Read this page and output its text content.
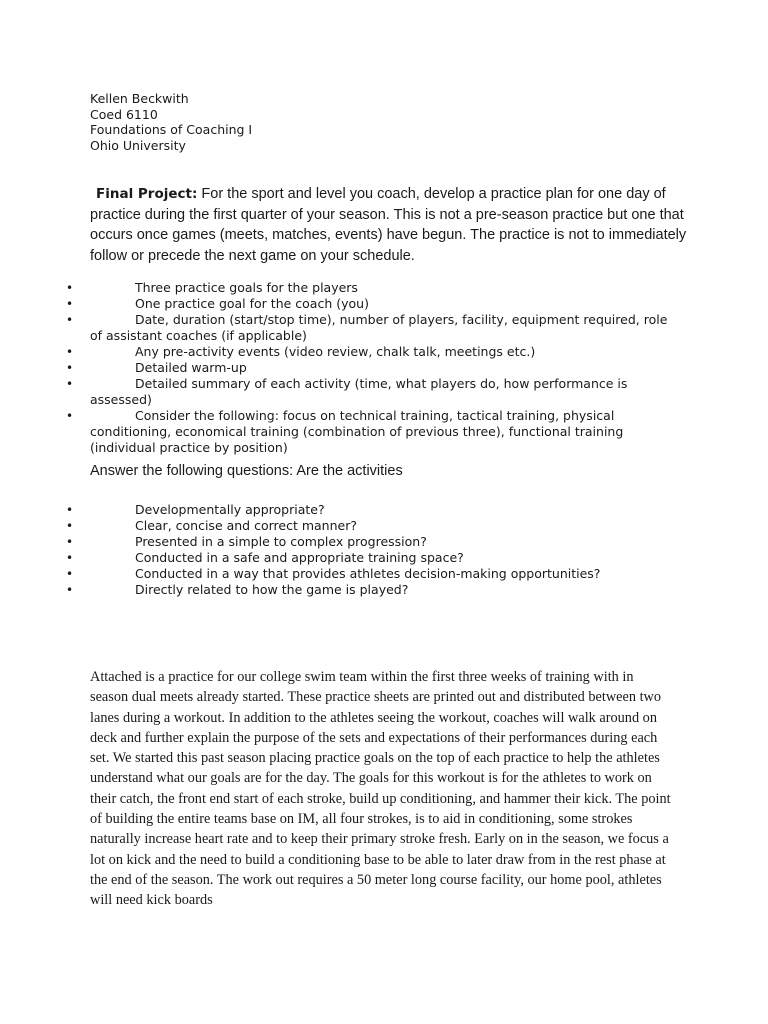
Kellen Beckwith
Coed 6110
Foundations of Coaching I
Ohio University
Final Project: For the sport and level you coach, develop a practice plan for one day of practice during the first quarter of your season. This is not a pre-season practice but one that occurs once games (meets, matches, events) have begun. The practice is not to immediately follow or precede the next game on your schedule.
•	Three practice goals for the players
•	One practice goal for the coach (you)
•	Date, duration (start/stop time), number of players, facility, equipment required, role of assistant coaches (if applicable)
•	Any pre-activity events (video review, chalk talk, meetings etc.)
•	Detailed warm-up
•	Detailed summary of each activity (time, what players do, how performance is assessed)
•	Consider the following: focus on technical training, tactical training, physical conditioning, economical training (combination of previous three), functional training (individual practice by position)
Answer the following questions: Are the activities
•	Developmentally appropriate?
•	Clear, concise and correct manner?
•	Presented in a simple to complex progression?
•	Conducted in a safe and appropriate training space?
•	Conducted in a way that provides athletes decision-making opportunities?
•	Directly related to how the game is played?

Attached is a practice for our college swim team within the first three weeks of training with in season dual meets already started. These practice sheets are printed out and distributed between two lanes during a workout. In addition to the athletes seeing the workout, coaches will walk around on deck and further explain the purpose of the sets and expectations of their performances during each set. We started this past season placing practice goals on the top of each practice to help the athletes understand what our goals are for the day. The goals for this workout is for the athletes to work on their catch, the front end start of each stroke, build up conditioning, and hammer their kick. The point of building the entire teams base on IM, all four strokes, is to aid in conditioning, some strokes naturally increase heart rate and to keep their primary stroke fresh. Early on in the season, we focus a lot on kick and the need to build a conditioning base to be able to later draw from in the rest phase at the end of the season. The work out requires a 50 meter long course facility, our home pool, athletes will need kick boards
